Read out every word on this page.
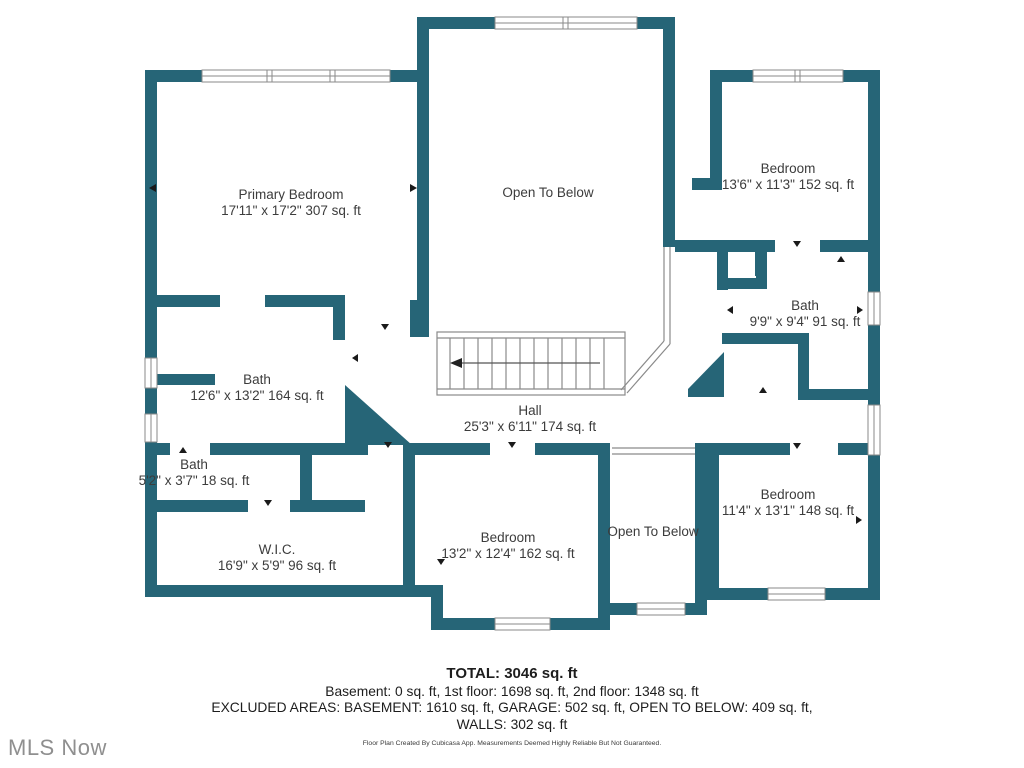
Primary Bedroom
17'11" x 17'2" 307 sq. ft
Open To Below
Bedroom
13'6" x 11'3" 152 sq. ft
Bath
9'9" x 9'4" 91 sq. ft
Bath
12'6" x 13'2" 164 sq. ft
Hall
25'3" x 6'11" 174 sq. ft
Bath
5'2" x 3'7" 18 sq. ft
W.I.C.
16'9" x 5'9" 96 sq. ft
Bedroom
13'2" x 12'4" 162 sq. ft
Open To Below
Bedroom
11'4" x 13'1" 148 sq. ft
TOTAL: 3046 sq. ft
Basement: 0 sq. ft, 1st floor: 1698 sq. ft, 2nd floor: 1348 sq. ft
EXCLUDED AREAS: BASEMENT: 1610 sq. ft, GARAGE: 502 sq. ft, OPEN TO BELOW: 409 sq. ft,
WALLS: 302 sq. ft
Floor Plan Created By Cubicasa App. Measurements Deemed Highly Reliable But Not Guaranteed.
MLS Now
